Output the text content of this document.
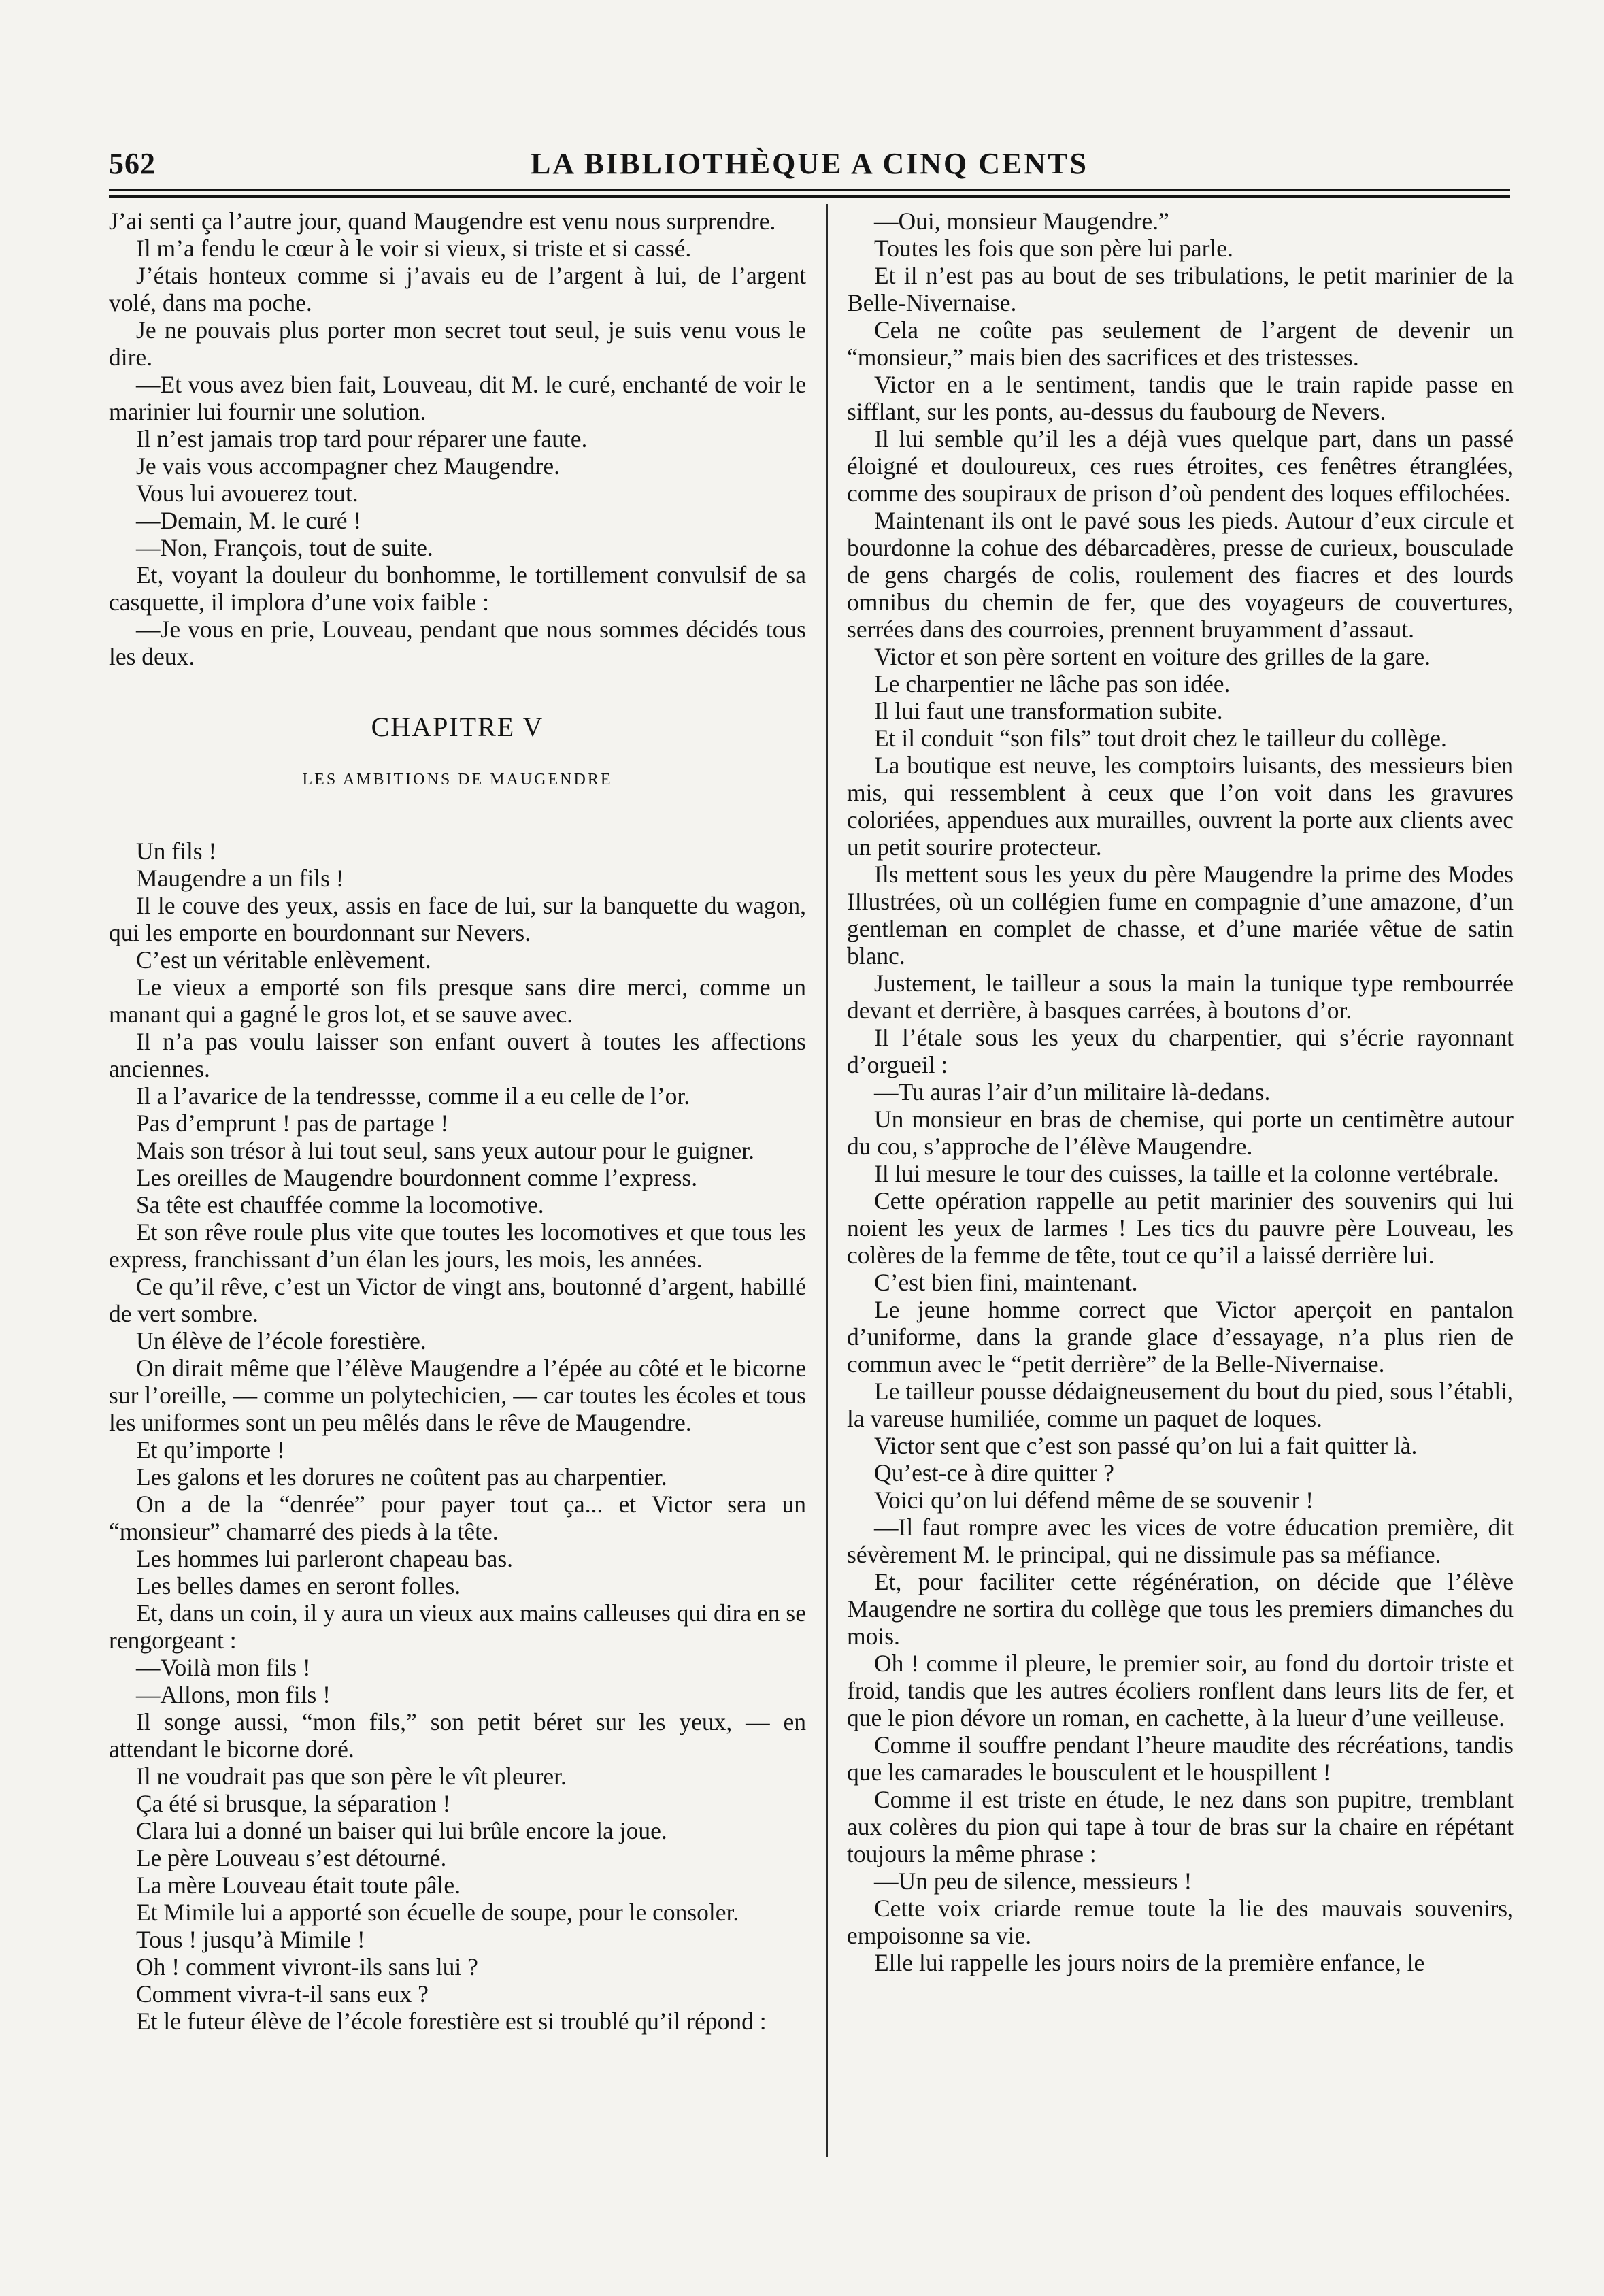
562	LA BIBLIOTHÈQUE A CINQ CENTS

J’ai senti ça l’autre jour, quand Maugendre est venu nous surprendre.

Il m’a fendu le cœur à le voir si vieux, si triste et si cassé.

J’étais honteux comme si j’avais eu de l’argent à lui, de l’argent volé, dans ma poche.

Je ne pouvais plus porter mon secret tout seul, je suis venu vous le dire.

—Et vous avez bien fait, Louveau, dit M. le curé, enchanté de voir le marinier lui fournir une solution.

Il n’est jamais trop tard pour réparer une faute.

Je vais vous accompagner chez Maugendre.

Vous lui avouerez tout.

—Demain, M. le curé !

—Non, François, tout de suite.

Et, voyant la douleur du bonhomme, le tortillement convulsif de sa casquette, il implora d’une voix faible :

—Je vous en prie, Louveau, pendant que nous sommes décidés tous les deux.

CHAPITRE V
LES AMBITIONS DE MAUGENDRE

Un fils !

Maugendre a un fils !

Il le couve des yeux, assis en face de lui, sur la banquette du wagon, qui les emporte en bourdonnant sur Nevers.

C’est un véritable enlèvement.

Le vieux a emporté son fils presque sans dire merci, comme un manant qui a gagné le gros lot, et se sauve avec.

Il n’a pas voulu laisser son enfant ouvert à toutes les affections anciennes.

Il a l’avarice de la tendressse, comme il a eu celle de l’or.

Pas d’emprunt ! pas de partage !

Mais son trésor à lui tout seul, sans yeux autour pour le guigner.

Les oreilles de Maugendre bourdonnent comme l’express.

Sa tête est chauffée comme la locomotive.

Et son rêve roule plus vite que toutes les locomotives et que tous les express, franchissant d’un élan les jours, les mois, les années.

Ce qu’il rêve, c’est un Victor de vingt ans, boutonné d’argent, habillé de vert sombre.

Un élève de l’école forestière.

On dirait même que l’élève Maugendre a l’épée au côté et le bicorne sur l’oreille, — comme un polytechicien, — car toutes les écoles et tous les uniformes sont un peu mêlés dans le rêve de Maugendre.

Et qu’importe !

Les galons et les dorures ne coûtent pas au charpentier.

On a de la “denrée” pour payer tout ça... et Victor sera un “monsieur” chamarré des pieds à la tête.

Les hommes lui parleront chapeau bas.

Les belles dames en seront folles.

Et, dans un coin, il y aura un vieux aux mains calleuses qui dira en se rengorgeant :

—Voilà mon fils !

—Allons, mon fils !

Il songe aussi, “mon fils,” son petit béret sur les yeux, — en attendant le bicorne doré.

Il ne voudrait pas que son père le vît pleurer.

Ça été si brusque, la séparation !

Clara lui a donné un baiser qui lui brûle encore la joue.

Le père Louveau s’est détourné.

La mère Louveau était toute pâle.

Et Mimile lui a apporté son écuelle de soupe, pour le consoler.

Tous ! jusqu’à Mimile !

Oh ! comment vivront-ils sans lui ?

Comment vivra-t-il sans eux ?

Et le futeur élève de l’école forestière est si troublé qu’il répond :

—Oui, monsieur Maugendre.”

Toutes les fois que son père lui parle.

Et il n’est pas au bout de ses tribulations, le petit marinier de la Belle-Nivernaise.

Cela ne coûte pas seulement de l’argent de devenir un “monsieur,” mais bien des sacrifices et des tristesses.

Victor en a le sentiment, tandis que le train rapide passe en sifflant, sur les ponts, au-dessus du faubourg de Nevers.

Il lui semble qu’il les a déjà vues quelque part, dans un passé éloigné et douloureux, ces rues étroites, ces fenêtres étranglées, comme des soupiraux de prison d’où pendent des loques effilochées.

Maintenant ils ont le pavé sous les pieds. Autour d’eux circule et bourdonne la cohue des débarcadères, presse de curieux, bousculade de gens chargés de colis, roulement des fiacres et des lourds omnibus du chemin de fer, que des voyageurs de couvertures, serrées dans des courroies, prennent bruyamment d’assaut.

Victor et son père sortent en voiture des grilles de la gare.

Le charpentier ne lâche pas son idée.

Il lui faut une transformation subite.

Et il conduit “son fils” tout droit chez le tailleur du collège.

La boutique est neuve, les comptoirs luisants, des messieurs bien mis, qui ressemblent à ceux que l’on voit dans les gravures coloriées, appendues aux murailles, ouvrent la porte aux clients avec un petit sourire protecteur.

Ils mettent sous les yeux du père Maugendre la prime des Modes Illustrées, où un collégien fume en compagnie d’une amazone, d’un gentleman en complet de chasse, et d’une mariée vêtue de satin blanc.

Justement, le tailleur a sous la main la tunique type rembourrée devant et derrière, à basques carrées, à boutons d’or.

Il l’étale sous les yeux du charpentier, qui s’écrie rayonnant d’orgueil :

—Tu auras l’air d’un militaire là-dedans.

Un monsieur en bras de chemise, qui porte un centimètre autour du cou, s’approche de l’élève Maugendre.

Il lui mesure le tour des cuisses, la taille et la colonne vertébrale.

Cette opération rappelle au petit marinier des souvenirs qui lui noient les yeux de larmes ! Les tics du pauvre père Louveau, les colères de la femme de tête, tout ce qu’il a laissé derrière lui.

C’est bien fini, maintenant.

Le jeune homme correct que Victor aperçoit en pantalon d’uniforme, dans la grande glace d’essayage, n’a plus rien de commun avec le “petit derrière” de la Belle-Nivernaise.

Le tailleur pousse dédaigneusement du bout du pied, sous l’établi, la vareuse humiliée, comme un paquet de loques.

Victor sent que c’est son passé qu’on lui a fait quitter là.

Qu’est-ce à dire quitter ?

Voici qu’on lui défend même de se souvenir !

—Il faut rompre avec les vices de votre éducation première, dit sévèrement M. le principal, qui ne dissimule pas sa méfiance.

Et, pour faciliter cette régénération, on décide que l’élève Maugendre ne sortira du collège que tous les premiers dimanches du mois.

Oh ! comme il pleure, le premier soir, au fond du dortoir triste et froid, tandis que les autres écoliers ronflent dans leurs lits de fer, et que le pion dévore un roman, en cachette, à la lueur d’une veilleuse.

Comme il souffre pendant l’heure maudite des récréations, tandis que les camarades le bousculent et le houspillent !

Comme il est triste en étude, le nez dans son pupitre, tremblant aux colères du pion qui tape à tour de bras sur la chaire en répétant toujours la même phrase :

—Un peu de silence, messieurs !

Cette voix criarde remue toute la lie des mauvais souvenirs, empoisonne sa vie.

Elle lui rappelle les jours noirs de la première enfance, le
